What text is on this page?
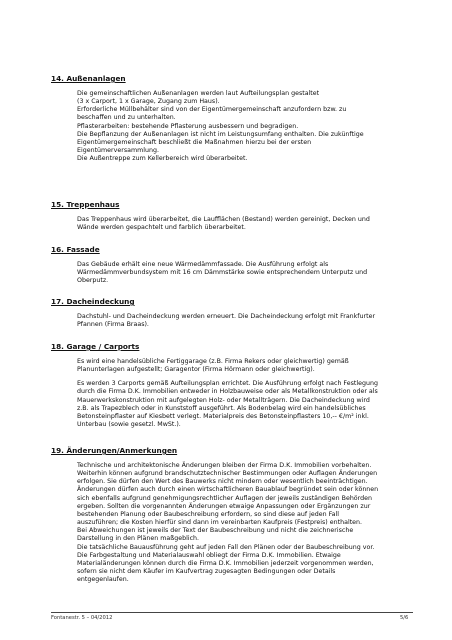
14. Außenanlagen

Die gemeinschaftlichen Außenanlagen werden laut Aufteilungsplan gestaltet
(3 x Carport, 1 x Garage, Zugang zum Haus).
Erforderliche Müllbehälter sind von der Eigentümergemeinschaft anzufordern bzw. zu
beschaffen und zu unterhalten.
Pflasterarbeiten: bestehende Pflasterung ausbessern und begradigen.
Die Bepflanzung der Außenanlagen ist nicht im Leistungsumfang enthalten. Die zukünftige
Eigentümergemeinschaft beschließt die Maßnahmen hierzu bei der ersten
Eigentümerversammlung.
Die Außentreppe zum Kellerbereich wird überarbeitet.

15. Treppenhaus

Das Treppenhaus wird überarbeitet, die Laufflächen (Bestand) werden gereinigt, Decken und
Wände werden gespachtelt und farblich überarbeitet.

16. Fassade

Das Gebäude erhält eine neue Wärmedämmfassade. Die Ausführung erfolgt als
Wärmedämmverbundsystem mit 16 cm Dämmstärke sowie entsprechendem Unterputz und
Oberputz.

17. Dacheindeckung

Dachstuhl- und Dacheindeckung werden erneuert. Die Dacheindeckung erfolgt mit Frankfurter
Pfannen (Firma Braas).

18. Garage / Carports

Es wird eine handelsübliche Fertiggarage (z.B. Firma Rekers oder gleichwertig) gemäß
Planunterlagen aufgestellt; Garagentor (Firma Hörmann oder gleichwertig).
Es werden 3 Carports gemäß Aufteilungsplan errichtet. Die Ausführung erfolgt nach Festlegung
durch die Firma D.K. Immobilien entweder in Holzbauweise oder als Metallkonstruktion oder als
Mauerwerkskonstruktion mit aufgelegten Holz- oder Metallträgern. Die Dacheindeckung wird
z.B. als Trapezblech oder in Kunststoff ausgeführt. Als Bodenbelag wird ein handelsübliches
Betonsteinpflaster auf Kiesbett verlegt. Materialpreis des Betonsteinpflasters 10,-- €/m² inkl.
Unterbau (sowie gesetzl. MwSt.).

19. Änderungen/Anmerkungen

Technische und architektonische Änderungen bleiben der Firma D.K. Immobilien vorbehalten.
Weiterhin können aufgrund brandschutztechnischer Bestimmungen oder Auflagen Änderungen
erfolgen. Sie dürfen den Wert des Bauwerks nicht mindern oder wesentlich beeinträchtigen.
Änderungen dürfen auch durch einen wirtschaftlicheren Bauablauf begründet sein oder können
sich ebenfalls aufgrund genehmigungsrechtlicher Auflagen der jeweils zuständigen Behörden
ergeben. Sollten die vorgenannten Änderungen etwaige Anpassungen oder Ergänzungen zur
bestehenden Planung oder Baubeschreibung erfordern, so sind diese auf jeden Fall
auszuführen; die Kosten hierfür sind dann im vereinbarten Kaufpreis (Festpreis) enthalten.
Bei Abweichungen ist jeweils der Text der Baubeschreibung und nicht die zeichnerische
Darstellung in den Plänen maßgeblich.
Die tatsächliche Bauausführung geht auf jeden Fall den Plänen oder der Baubeschreibung vor.
Die Farbgestaltung und Materialauswahl obliegt der Firma D.K. Immobilien. Etwaige
Materialänderungen können durch die Firma D.K. Immobilien jederzeit vorgenommen werden,
sofern sie nicht dem Käufer im Kaufvertrag zugesagten Bedingungen oder Details
entgegenlaufen.
Fontanestr. 5 – 04/2012	5/6
